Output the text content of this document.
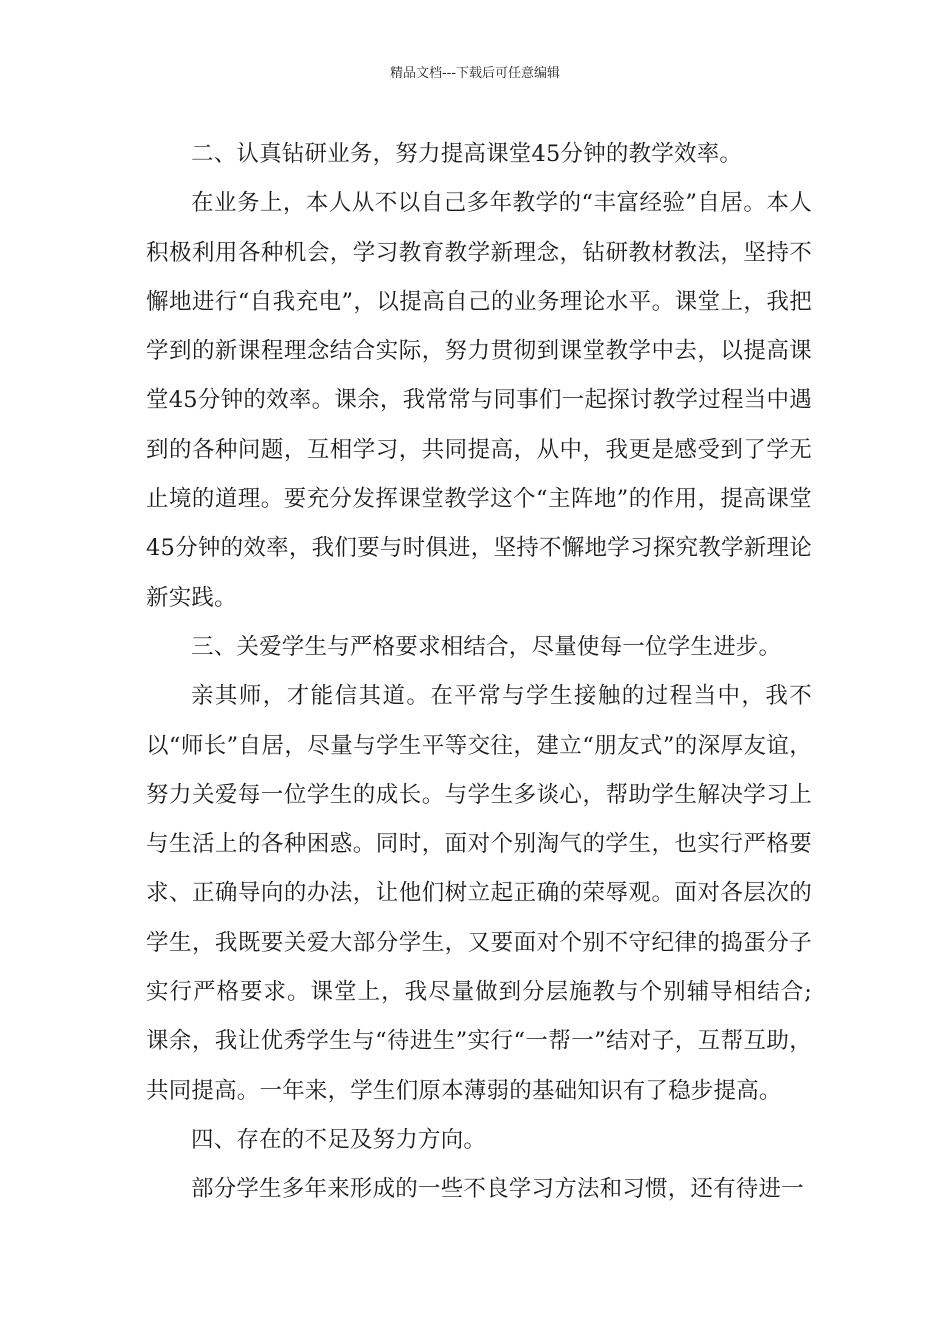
精品文档---下载后可任意编辑

二、认真钻研业务，努力提高课堂45分钟的教学效率。

在业务上，本人从不以自己多年教学的“丰富经验”自居。本人积极利用各种机会，学习教育教学新理念，钻研教材教法，坚持不懈地进行“自我充电”，以提高自己的业务理论水平。课堂上，我把学到的新课程理念结合实际，努力贯彻到课堂教学中去，以提高课堂45分钟的效率。课余，我常常与同事们一起探讨教学过程当中遇到的各种问题，互相学习，共同提高，从中，我更是感受到了学无止境的道理。要充分发挥课堂教学这个“主阵地”的作用，提高课堂45分钟的效率，我们要与时俱进，坚持不懈地学习探究教学新理论新实践。

三、关爱学生与严格要求相结合，尽量使每一位学生进步。

亲其师，才能信其道。在平常与学生接触的过程当中，我不以“师长”自居，尽量与学生平等交往，建立“朋友式”的深厚友谊，努力关爱每一位学生的成长。与学生多谈心，帮助学生解决学习上与生活上的各种困惑。同时，面对个别淘气的学生，也实行严格要求、正确导向的办法，让他们树立起正确的荣辱观。面对各层次的学生，我既要关爱大部分学生，又要面对个别不守纪律的捣蛋分子实行严格要求。课堂上，我尽量做到分层施教与个别辅导相结合;课余，我让优秀学生与“待进生”实行“一帮一”结对子，互帮互助，共同提高。一年来，学生们原本薄弱的基础知识有了稳步提高。

四、存在的不足及努力方向。

部分学生多年来形成的一些不良学习方法和习惯，还有待进一
